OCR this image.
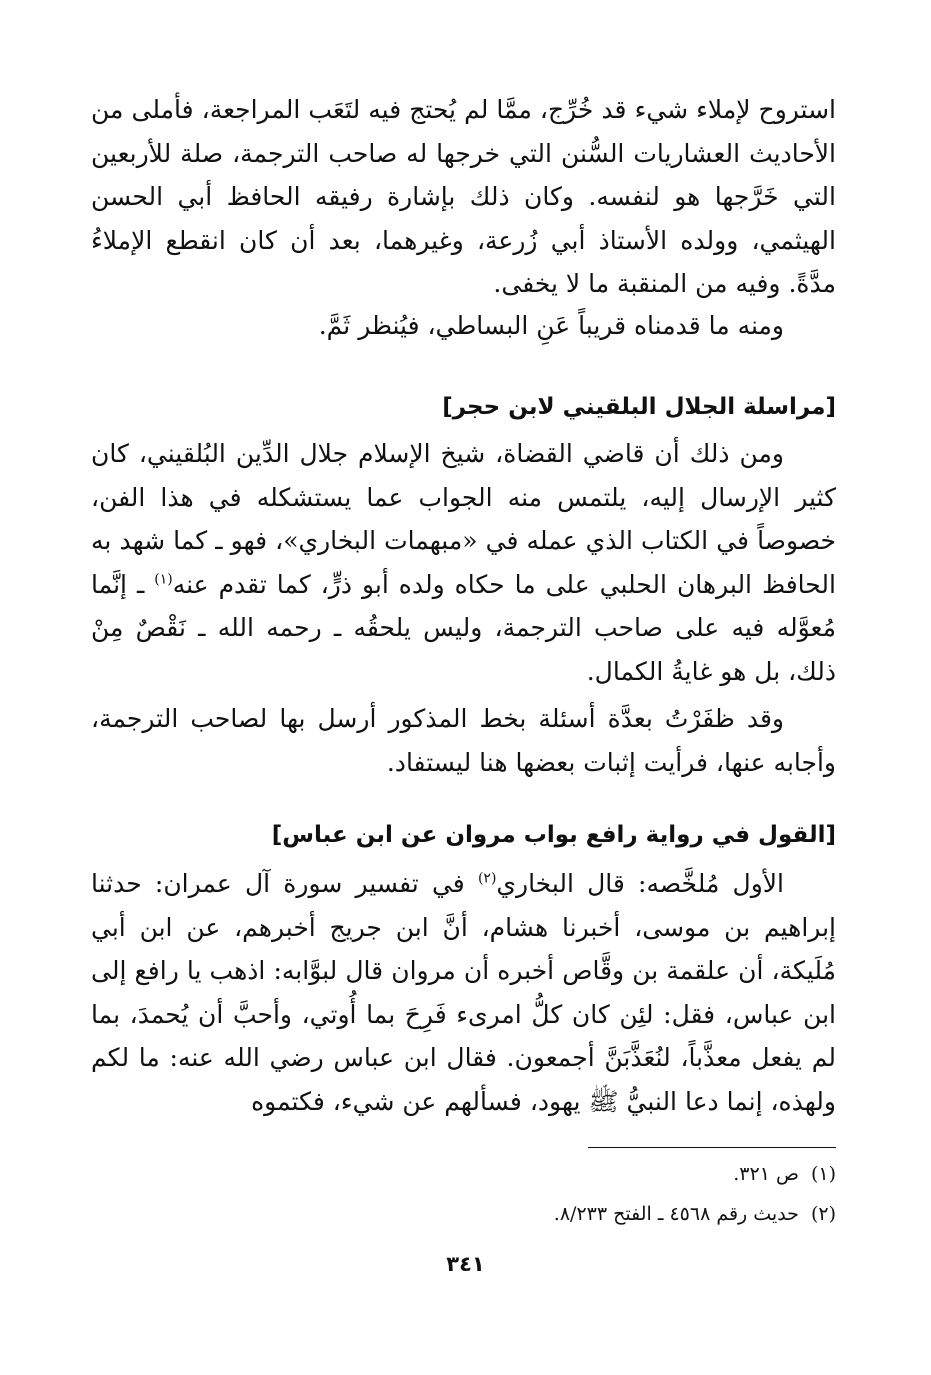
استروح لإملاء شيء قد خُرِّج، ممَّا لم يُحتج فيه لتَعَب المراجعة، فأملى من الأحاديث العشاريات السُّنن التي خرجها له صاحب الترجمة، صلة للأربعين التي خَرَّجها هو لنفسه. وكان ذلك بإشارة رفيقه الحافظ أبي الحسن الهيثمي، وولده الأستاذ أبي زُرعة، وغيرهما، بعد أن كان انقطع الإملاءُ مدَّةً. وفيه من المنقبة ما لا يخفى.

ومنه ما قدمناه قريباً عَنِ البساطي، فيُنظر ثَمَّ.

[مراسلة الجلال البلقيني لابن حجر]

ومن ذلك أن قاضي القضاة، شيخ الإسلام جلال الدِّين البُلقيني، كان كثير الإرسال إليه، يلتمس منه الجواب عما يستشكله في هذا الفن، خصوصاً في الكتاب الذي عمله في «مبهمات البخاري»، فهو ـ كما شهد به الحافظ البرهان الحلبي على ما حكاه ولده أبو ذرٍّ، كما تقدم عنه$^{(١)}$ ـ إنَّما مُعوَّله فيه على صاحب الترجمة، وليس يلحقُه ـ رحمه الله ـ نَقْصٌ مِنْ ذلك، بل هو غايةُ الكمال.

وقد ظفَرْتُ بعدَّة أسئلة بخط المذكور أرسل بها لصاحب الترجمة، وأجابه عنها، فرأيت إثبات بعضها هنا ليستفاد.

[القول في رواية رافع بواب مروان عن ابن عباس]

الأول مُلخَّصه: قال البخاري$^{(٢)}$ في تفسير سورة آل عمران: حدثنا إبراهيم بن موسى، أخبرنا هشام، أنَّ ابن جريج أخبرهم، عن ابن أبي مُلَيكة، أن علقمة بن وقَّاص أخبره أن مروان قال لبوَّابه: اذهب يا رافع إلى ابن عباس، فقل: لئِن كان كلُّ امرىء فَرِحَ بما أُوتي، وأحبَّ أن يُحمدَ، بما لم يفعل معذَّباً، لنُعَذَّبَنَّ أجمعون. فقال ابن عباس رضي الله عنه: ما لكم ولهذه، إنما دعا النبيُّ ﷺ يهود، فسألهم عن شيء، فكتموه

(١)ص ٣٢١.

(٢)حديث رقم ٤٥٦٨ ـ الفتح ٨/٢٣٣.

٣٤١
